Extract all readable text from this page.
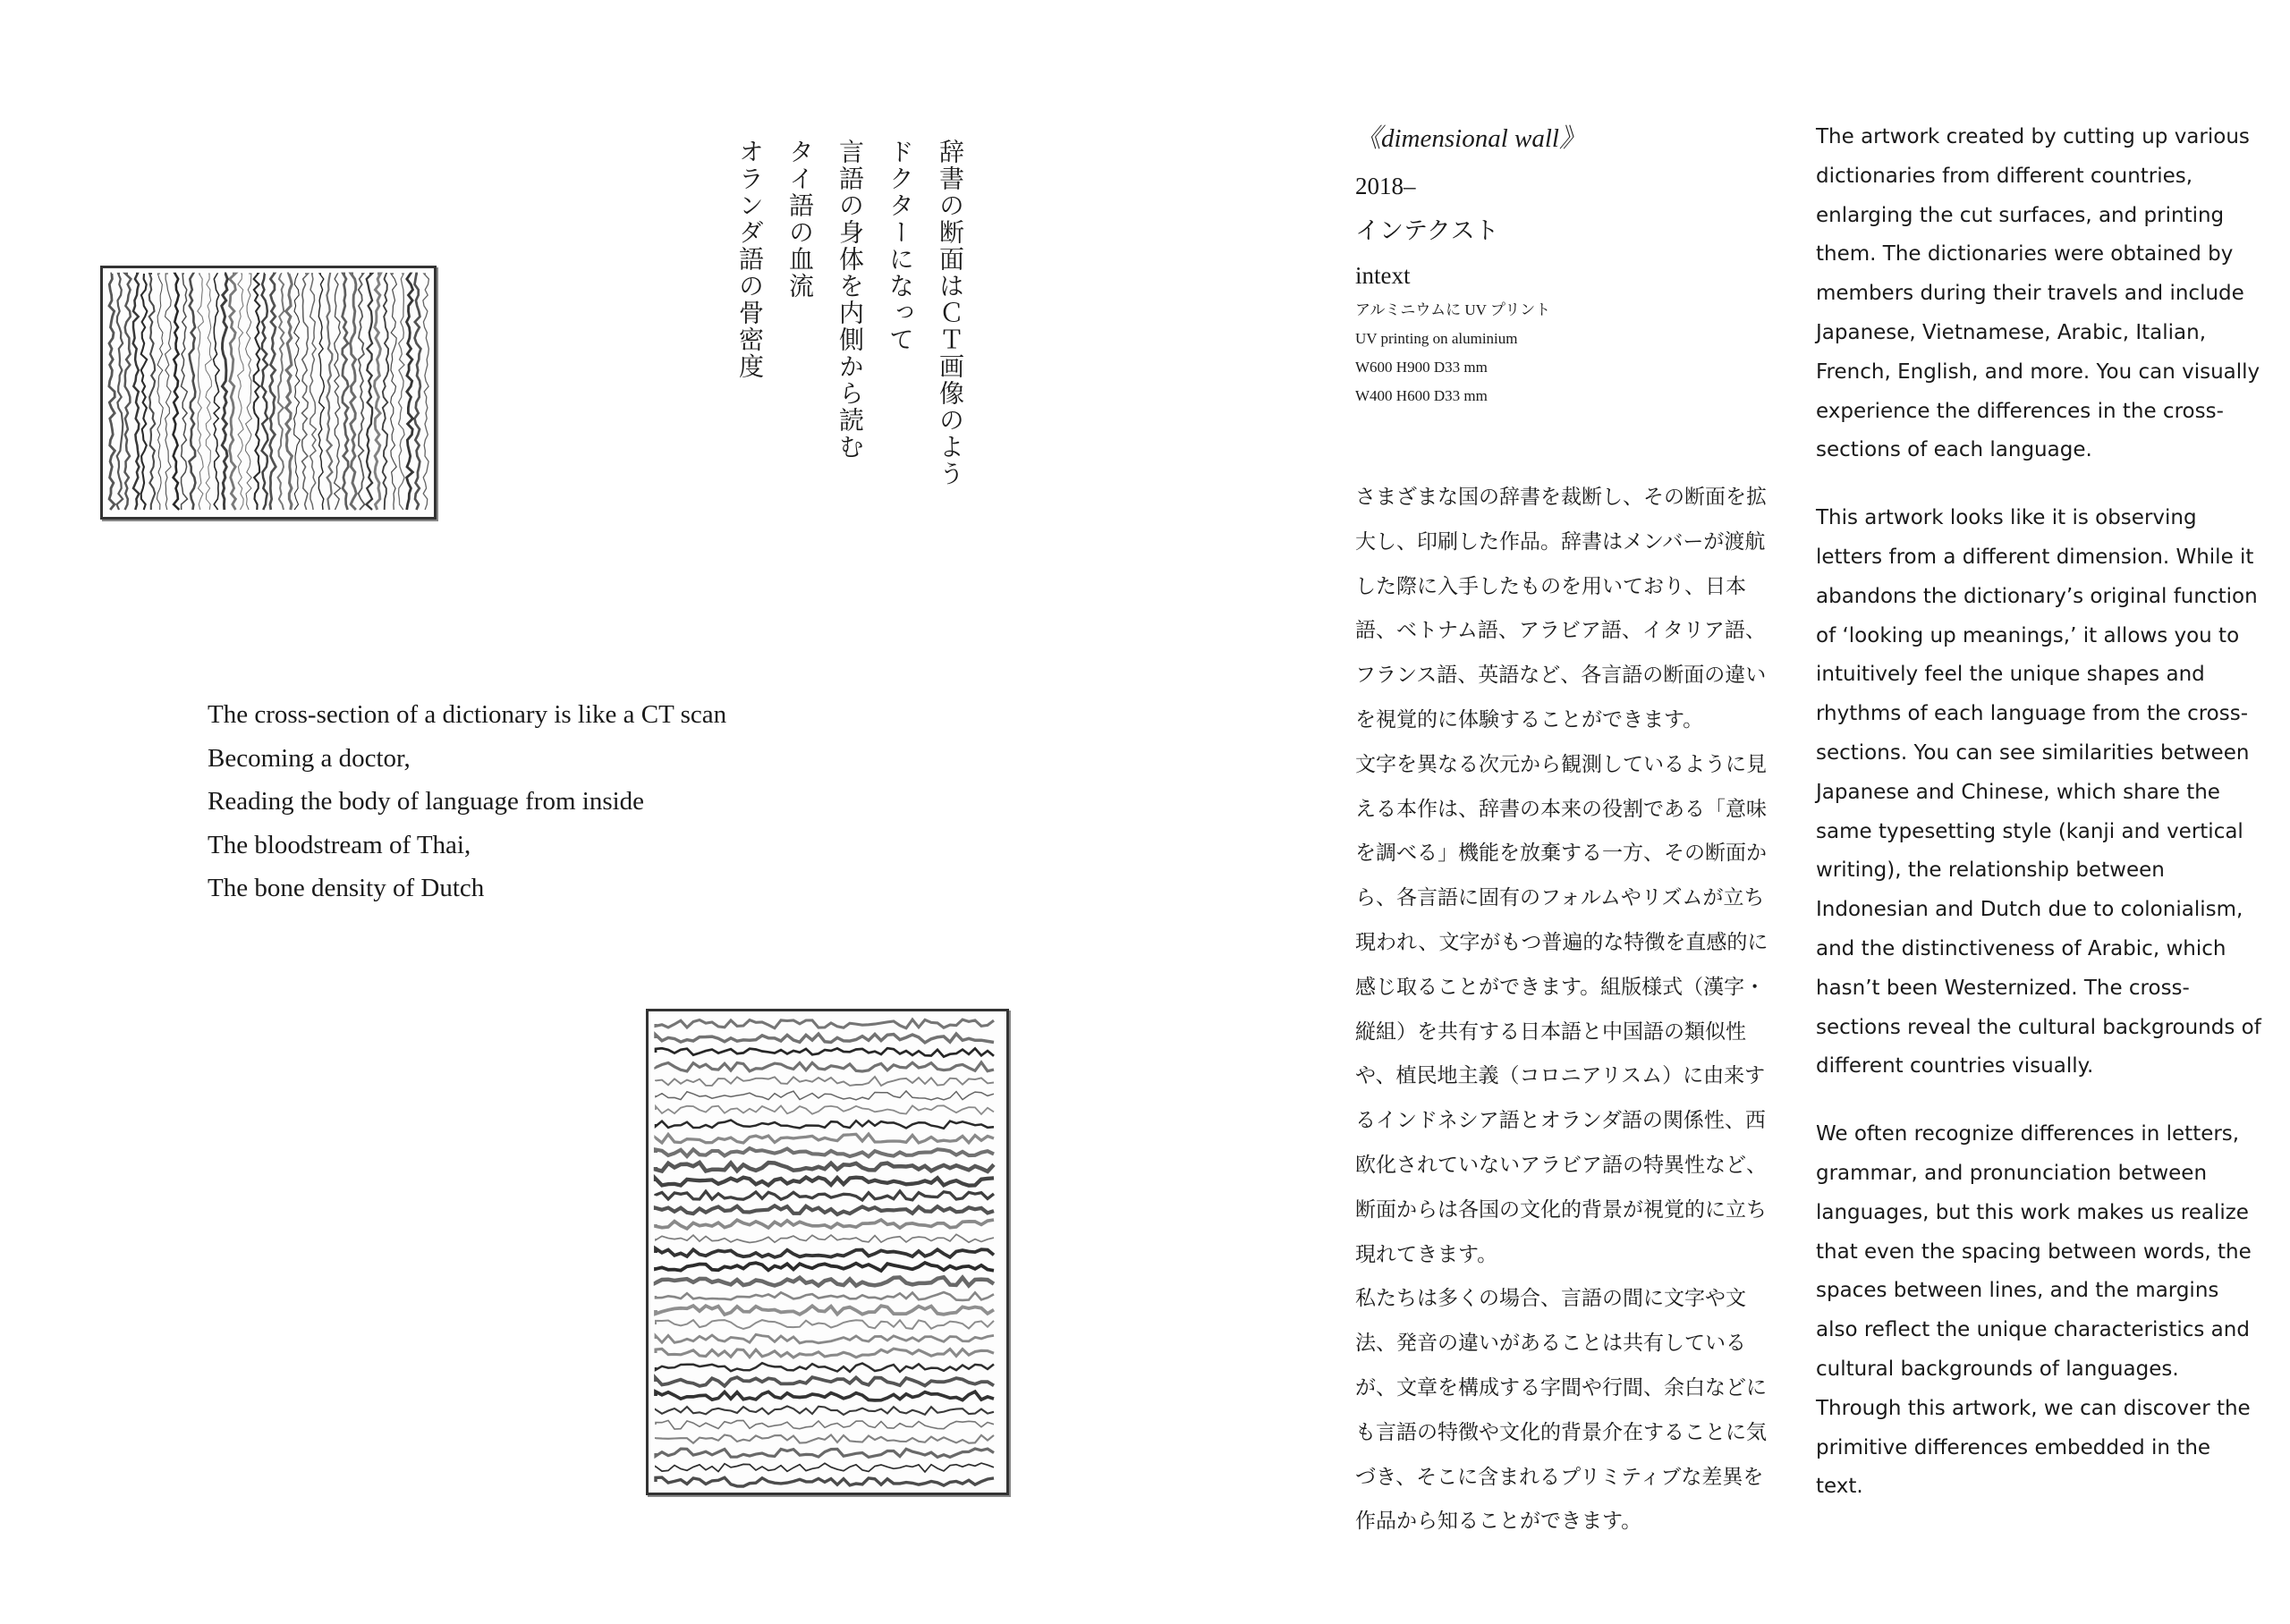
辞書の断面はＣＴ画像のよう
ドクターになって
言語の身体を内側から読む
タイ語の血流
オランダ語の骨密度
The cross-section of a dictionary is like a CT scan
Becoming a doctor,
Reading the body of language from inside
The bloodstream of Thai,
The bone density of Dutch
《dimensional wall》
2018–
インテクスト
intext
アルミニウムに UV プリント
UV printing on aluminium
W600 H900 D33 mm
W400 H600 D33 mm

さまざまな国の辞書を裁断し、その断面を拡大し、印刷した作品。辞書はメンバーが渡航した際に入手したものを用いており、日本語、ベトナム語、アラビア語、イタリア語、フランス語、英語など、各言語の断面の違いを視覚的に体験することができます。

文字を異なる次元から観測しているように見える本作は、辞書の本来の役割である「意味を調べる」機能を放棄する一方、その断面から、各言語に固有のフォルムやリズムが立ち現われ、文字がもつ普遍的な特徴を直感的に感じ取ることができます。組版様式（漢字・縦組）を共有する日本語と中国語の類似性や、植民地主義（コロニアリスム）に由来するインドネシア語とオランダ語の関係性、西欧化されていないアラビア語の特異性など、断面からは各国の文化的背景が視覚的に立ち現れてきます。

私たちは多くの場合、言語の間に文字や文法、発音の違いがあることは共有しているが、文章を構成する字間や行間、余白などにも言語の特徴や文化的背景介在することに気づき、そこに含まれるプリミティブな差異を作品から知ることができます。

The artwork created by cutting up various dictionaries from different countries, enlarging the cut surfaces, and printing them. The dictionaries were obtained by members during their travels and include Japanese, Vietnamese, Arabic, Italian, French, English, and more. You can visually experience the differences in the cross-sections of each language.

This artwork looks like it is observing letters from a different dimension. While it abandons the dictionary’s original function of ‘looking up meanings,’ it allows you to intuitively feel the unique shapes and rhythms of each language from the cross-sections. You can see similarities between Japanese and Chinese, which share the same typesetting style (kanji and vertical writing), the relationship between Indonesian and Dutch due to colonialism, and the distinctiveness of Arabic, which hasn’t been Westernized. The cross-sections reveal the cultural backgrounds of different countries visually.

We often recognize differences in letters, grammar, and pronunciation between languages, but this work makes us realize that even the spacing between words, the spaces between lines, and the margins also reflect the unique characteristics and cultural backgrounds of languages. Through this artwork, we can discover the primitive differences embedded in the text.
